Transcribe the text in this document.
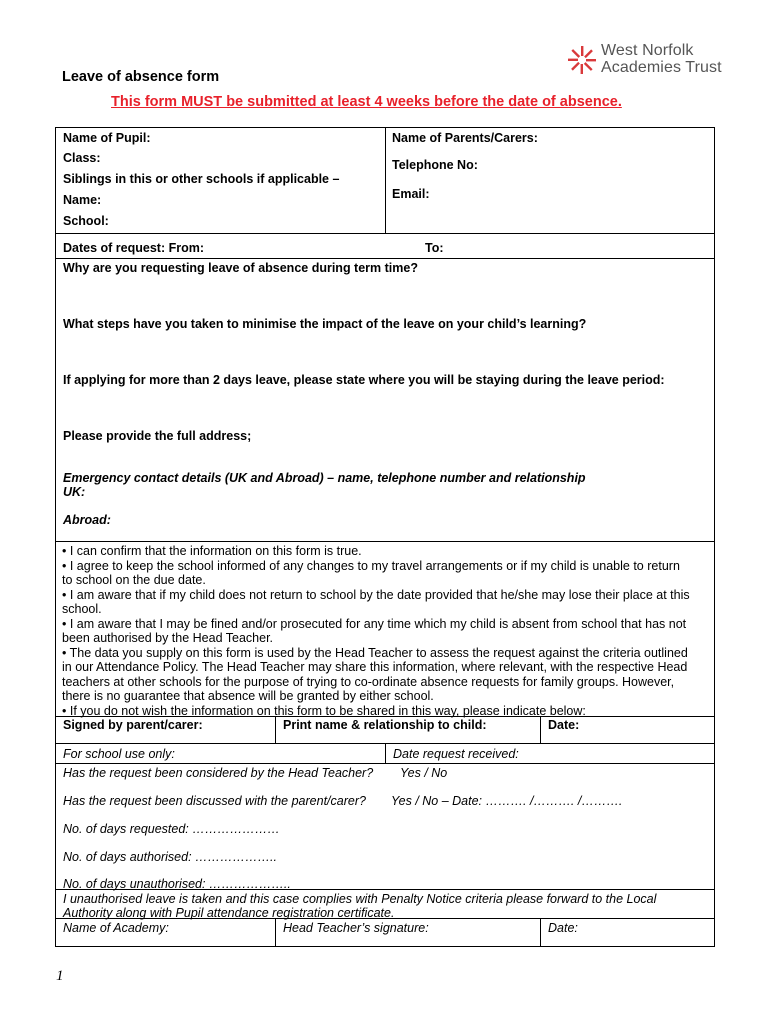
West Norfolk
Academies Trust
Leave of absence form
This form MUST be submitted at least 4 weeks before the date of absence.
Name of Pupil:
Class:
Siblings in this or other schools if applicable –
Name:
School:
Name of Parents/Carers:
Telephone No:
Email:
Dates of request: From:	To:
Why are you requesting leave of absence during term time?
What steps have you taken to minimise the impact of the leave on your child’s learning?
If applying for more than 2 days leave, please state where you will be staying during the leave period:
Please provide the full address;
Emergency contact details (UK and Abroad) – name, telephone number and relationship
UK:
Abroad:
• I can confirm that the information on this form is true.
• I agree to keep the school informed of any changes to my travel arrangements or if my child is unable to return
to school on the due date.
• I am aware that if my child does not return to school by the date provided that he/she may lose their place at this
school.
• I am aware that I may be fined and/or prosecuted for any time which my child is absent from school that has not
been authorised by the Head Teacher.
• The data you supply on this form is used by the Head Teacher to assess the request against the criteria outlined
in our Attendance Policy. The Head Teacher may share this information, where relevant, with the respective Head
teachers at other schools for the purpose of trying to co-ordinate absence requests for family groups. However,
there is no guarantee that absence will be granted by either school.
• If you do not wish the information on this form to be shared in this way, please indicate below:
Signed by parent/carer:	Print name & relationship to child:	Date:
For school use only:	Date request received:
Has the request been considered by the Head Teacher? Yes / No
Has the request been discussed with the parent/carer? Yes / No – Date: ………. /………. /……….
No. of days requested: …………………
No. of days authorised: ………………..
No. of days unauthorised: ………………..
I unauthorised leave is taken and this case complies with Penalty Notice criteria please forward to the Local
Authority along with Pupil attendance registration certificate.
Name of Academy:	Head Teacher’s signature:	Date:
1
